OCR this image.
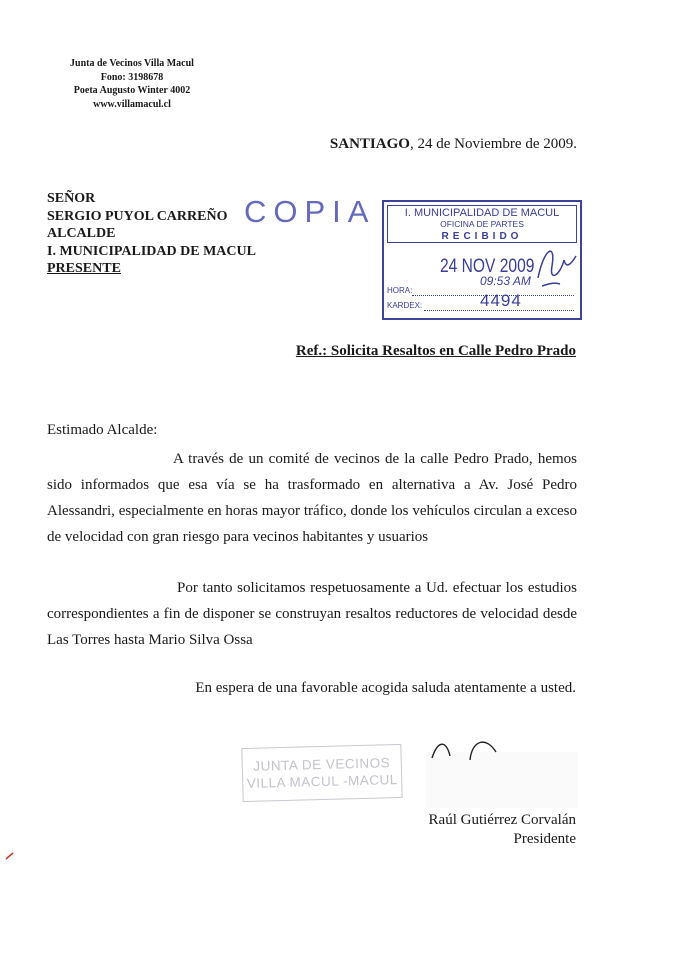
Junta de Vecinos Villa Macul
Fono: 3198678
Poeta Augusto Winter 4002
www.villamacul.cl
SANTIAGO, 24 de Noviembre de 2009.
SEÑOR
SERGIO PUYOL CARREÑO
ALCALDE
I. MUNICIPALIDAD DE MACUL
PRESENTE
COPIA	I. MUNICIPALIDAD DE MACUL
OFICINA DE PARTES
RECIBIDO
24 NOV 2009
HORA:
09:53 AM
KARDEX:	4494
Ref.: Solicita Resaltos en Calle Pedro Prado
Estimado Alcalde:
A través de un comité de vecinos de la calle Pedro Prado, hemos sido informados que esa vía se ha trasformado en alternativa a Av. José Pedro Alessandri, especialmente en horas mayor tráfico, donde los vehículos circulan a exceso de velocidad con gran riesgo para vecinos habitantes y usuarios
Por tanto solicitamos respetuosamente a Ud. efectuar los estudios correspondientes a fin de disponer se construyan resaltos reductores de velocidad desde Las Torres hasta Mario Silva Ossa
En espera de una favorable acogida saluda atentamente a usted.
JUNTA DE VECINOS
VILLA MACUL -MACUL
Raúl Gutiérrez Corvalán
Presidente
